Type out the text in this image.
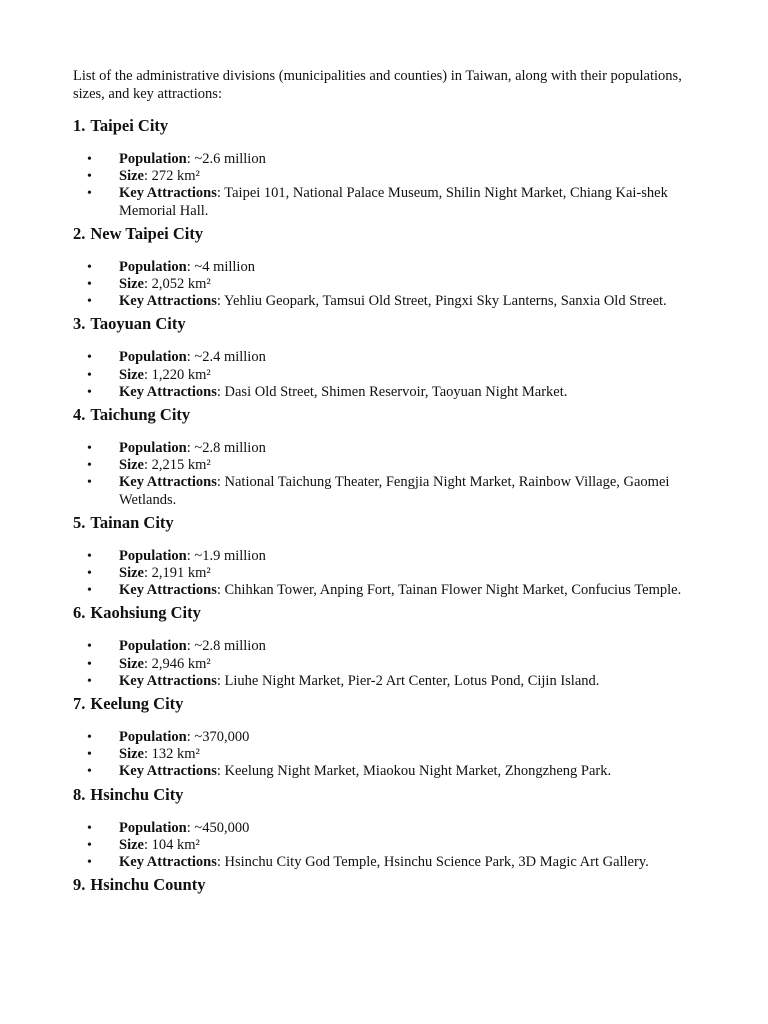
List of the administrative divisions (municipalities and counties) in Taiwan, along with their populations, sizes, and key attractions:

1. Taipei City
• Population: ~2.6 million
• Size: 272 km²
• Key Attractions: Taipei 101, National Palace Museum, Shilin Night Market, Chiang Kai-shek Memorial Hall.
2. New Taipei City
• Population: ~4 million
• Size: 2,052 km²
• Key Attractions: Yehliu Geopark, Tamsui Old Street, Pingxi Sky Lanterns, Sanxia Old Street.
3. Taoyuan City
• Population: ~2.4 million
• Size: 1,220 km²
• Key Attractions: Dasi Old Street, Shimen Reservoir, Taoyuan Night Market.
4. Taichung City
• Population: ~2.8 million
• Size: 2,215 km²
• Key Attractions: National Taichung Theater, Fengjia Night Market, Rainbow Village, Gaomei Wetlands.
5. Tainan City
• Population: ~1.9 million
• Size: 2,191 km²
• Key Attractions: Chihkan Tower, Anping Fort, Tainan Flower Night Market, Confucius Temple.
6. Kaohsiung City
• Population: ~2.8 million
• Size: 2,946 km²
• Key Attractions: Liuhe Night Market, Pier-2 Art Center, Lotus Pond, Cijin Island.
7. Keelung City
• Population: ~370,000
• Size: 132 km²
• Key Attractions: Keelung Night Market, Miaokou Night Market, Zhongzheng Park.
8. Hsinchu City
• Population: ~450,000
• Size: 104 km²
• Key Attractions: Hsinchu City God Temple, Hsinchu Science Park, 3D Magic Art Gallery.
9. Hsinchu County
